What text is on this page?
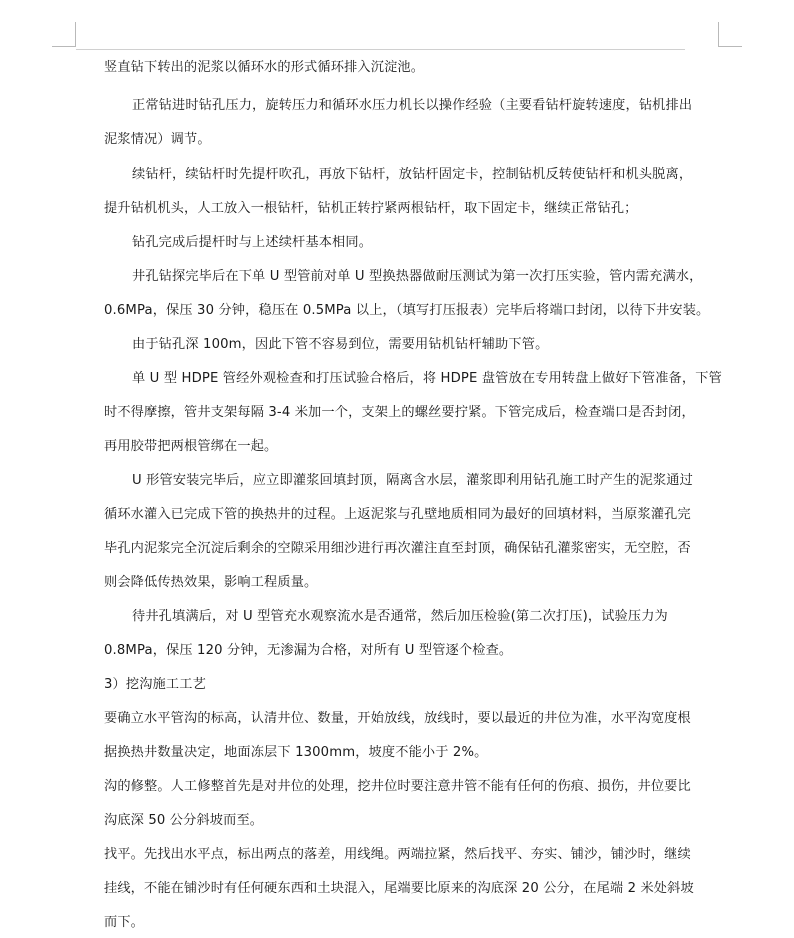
竖直钻下转出的泥浆以循环水的形式循环排入沉淀池。
正常钻进时钻孔压力，旋转压力和循环水压力机长以操作经验（主要看钻杆旋转速度，钻机排出
泥浆情况）调节。
续钻杆，续钻杆时先提杆吹孔，再放下钻杆，放钻杆固定卡，控制钻机反转使钻杆和机头脱离，
提升钻机机头，人工放入一根钻杆，钻机正转拧紧两根钻杆，取下固定卡，继续正常钻孔；
钻孔完成后提杆时与上述续杆基本相同。
井孔钻探完毕后在下单 U 型管前对单 U 型换热器做耐压测试为第一次打压实验，管内需充满水，
0.6MPa，保压 30 分钟，稳压在 0.5MPa 以上，（填写打压报表）完毕后将端口封闭，以待下井安装。
由于钻孔深 100m，因此下管不容易到位，需要用钻机钻杆辅助下管。
单 U 型 HDPE 管经外观检查和打压试验合格后，将 HDPE 盘管放在专用转盘上做好下管准备，下管
时不得摩擦，管井支架每隔 3-4 米加一个，支架上的螺丝要拧紧。下管完成后，检查端口是否封闭，
再用胶带把两根管绑在一起。
U 形管安装完毕后，应立即灌浆回填封顶，隔离含水层，灌浆即利用钻孔施工时产生的泥浆通过
循环水灌入已完成下管的换热井的过程。上返泥浆与孔壁地质相同为最好的回填材料，当原浆灌孔完
毕孔内泥浆完全沉淀后剩余的空隙采用细沙进行再次灌注直至封顶，确保钻孔灌浆密实，无空腔，否
则会降低传热效果，影响工程质量。
待井孔填满后，对 U 型管充水观察流水是否通常，然后加压检验(第二次打压)，试验压力为
0.8MPa，保压 120 分钟，无渗漏为合格，对所有 U 型管逐个检查。
3）挖沟施工工艺
要确立水平管沟的标高，认清井位、数量，开始放线，放线时，要以最近的井位为准，水平沟宽度根
据换热井数量决定，地面冻层下 1300mm，坡度不能小于 2%。
沟的修整。人工修整首先是对井位的处理，挖井位时要注意井管不能有任何的伤痕、损伤，井位要比
沟底深 50 公分斜坡而至。
找平。先找出水平点，标出两点的落差，用线绳。两端拉紧，然后找平、夯实、铺沙，铺沙时，继续
挂线，不能在铺沙时有任何硬东西和土块混入，尾端要比原来的沟底深 20 公分，在尾端 2 米处斜坡
而下。
